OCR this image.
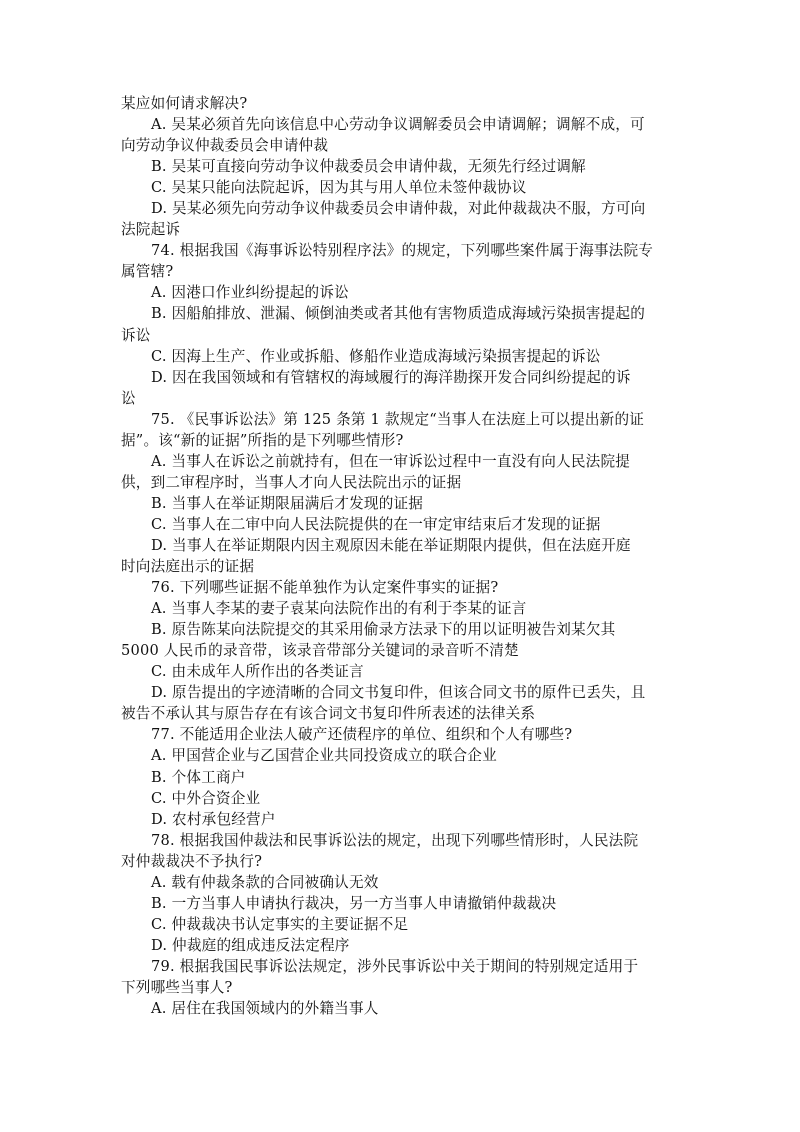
某应如何请求解决?
A. 吴某必须首先向该信息中心劳动争议调解委员会申请调解；调解不成，可
向劳动争议仲裁委员会申请仲裁
B. 吴某可直接向劳动争议仲裁委员会申请仲裁，无须先行经过调解
C. 吴某只能向法院起诉，因为其与用人单位未签仲裁协议
D. 吴某必须先向劳动争议仲裁委员会申请仲裁，对此仲裁裁决不服，方可向
法院起诉
74. 根据我国《海事诉讼特别程序法》的规定，下列哪些案件属于海事法院专
属管辖?
A. 因港口作业纠纷提起的诉讼
B. 因船舶排放、泄漏、倾倒油类或者其他有害物质造成海域污染损害提起的
诉讼
C. 因海上生产、作业或拆船、修船作业造成海域污染损害提起的诉讼
D. 因在我国领域和有管辖权的海域履行的海洋勘探开发合同纠纷提起的诉
讼
75. 《民事诉讼法》第 125 条第 1 款规定“当事人在法庭上可以提出新的证
据”。该“新的证据”所指的是下列哪些情形?
A. 当事人在诉讼之前就持有，但在一审诉讼过程中一直没有向人民法院提
供，到二审程序时，当事人才向人民法院出示的证据
B. 当事人在举证期限届满后才发现的证据
C. 当事人在二审中向人民法院提供的在一审定审结束后才发现的证据
D. 当事人在举证期限内因主观原因未能在举证期限内提供，但在法庭开庭
时向法庭出示的证据
76. 下列哪些证据不能单独作为认定案件事实的证据?
A. 当事人李某的妻子袁某向法院作出的有利于李某的证言
B. 原告陈某向法院提交的其采用偷录方法录下的用以证明被告刘某欠其
5000 人民币的录音带，该录音带部分关键词的录音听不清楚
C. 由未成年人所作出的各类证言
D. 原告提出的字迹清晰的合同文书复印件，但该合同文书的原件已丢失，且
被告不承认其与原告存在有该合词文书复印件所表述的法律关系
77. 不能适用企业法人破产还债程序的单位、组织和个人有哪些?
A. 甲国营企业与乙国营企业共同投资成立的联合企业
B. 个体工商户
C. 中外合资企业
D. 农村承包经营户
78. 根据我国仲裁法和民事诉讼法的规定，出现下列哪些情形时，人民法院
对仲裁裁决不予执行?
A. 载有仲裁条款的合同被确认无效
B. 一方当事人申请执行裁决，另一方当事人申请撤销仲裁裁决
C. 仲裁裁决书认定事实的主要证据不足
D. 仲裁庭的组成违反法定程序
79. 根据我国民事诉讼法规定，涉外民事诉讼中关于期间的特别规定适用于
下列哪些当事人?
A. 居住在我国领域内的外籍当事人
